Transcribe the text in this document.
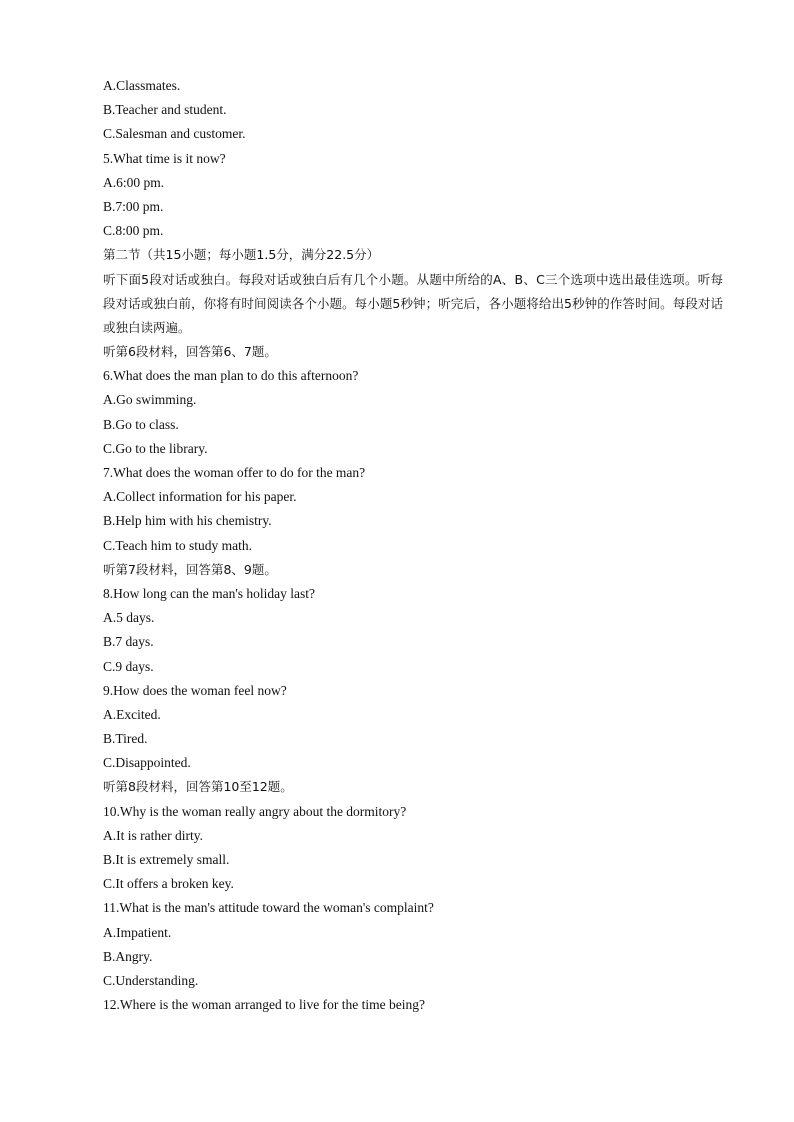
A.Classmates.
B.Teacher and student.
C.Salesman and customer.
5.What time is it now?
A.6:00 pm.
B.7:00 pm.
C.8:00 pm.
第二节（共15小题；每小题1.5分，满分22.5分）
听下面5段对话或独白。每段对话或独白后有几个小题。从题中所给的A、B、C三个选项中选出最佳选项。听每段对话或独白前，你将有时间阅读各个小题。每小题5秒钟；听完后，各小题将给出5秒钟的作答时间。每段对话或独白读两遍。
听第6段材料，回答第6、7题。
6.What does the man plan to do this afternoon?
A.Go swimming.
B.Go to class.
C.Go to the library.
7.What does the woman offer to do for the man?
A.Collect information for his paper.
B.Help him with his chemistry.
C.Teach him to study math.
听第7段材料，回答第8、9题。
8.How long can the man's holiday last?
A.5 days.
B.7 days.
C.9 days.
9.How does the woman feel now?
A.Excited.
B.Tired.
C.Disappointed.
听第8段材料，回答第10至12题。
10.Why is the woman really angry about the dormitory?
A.It is rather dirty.
B.It is extremely small.
C.It offers a broken key.
11.What is the man's attitude toward the woman's complaint?
A.Impatient.
B.Angry.
C.Understanding.
12.Where is the woman arranged to live for the time being?
